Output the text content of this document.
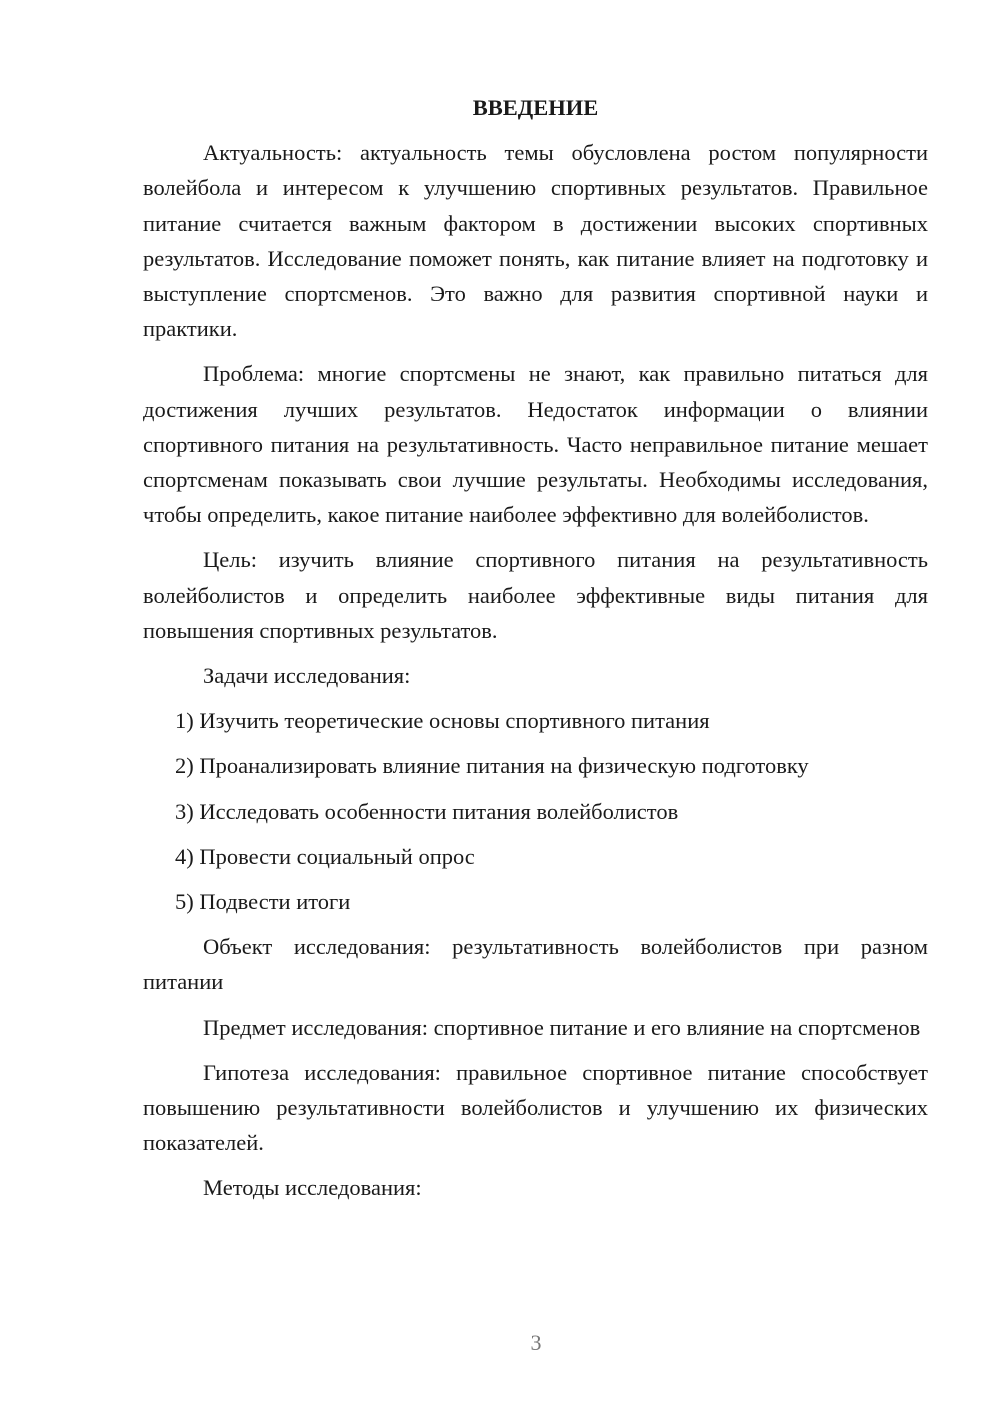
ВВЕДЕНИЕ

Актуальность: актуальность темы обусловлена ростом популярности волейбола и интересом к улучшению спортивных результатов. Правильное питание считается важным фактором в достижении высоких спортивных результатов. Исследование поможет понять, как питание влияет на подготовку и выступление спортсменов. Это важно для развития спортивной науки и практики.

Проблема: многие спортсмены не знают, как правильно питаться для достижения лучших результатов. Недостаток информации о влиянии спортивного питания на результативность. Часто неправильное питание мешает спортсменам показывать свои лучшие результаты. Необходимы исследования, чтобы определить, какое питание наиболее эффективно для волейболистов.

Цель: изучить влияние спортивного питания на результативность волейболистов и определить наиболее эффективные виды питания для повышения спортивных результатов.

Задачи исследования:

1) Изучить теоретические основы спортивного питания
2) Проанализировать влияние питания на физическую подготовку
3) Исследовать особенности питания волейболистов
4) Провести социальный опрос
5) Подвести итоги

Объект исследования: результативность волейболистов при разном питании

Предмет исследования: спортивное питание и его влияние на спортсменов

Гипотеза исследования: правильное спортивное питание способствует повышению результативности волейболистов и улучшению их физических показателей.

Методы исследования:

3
